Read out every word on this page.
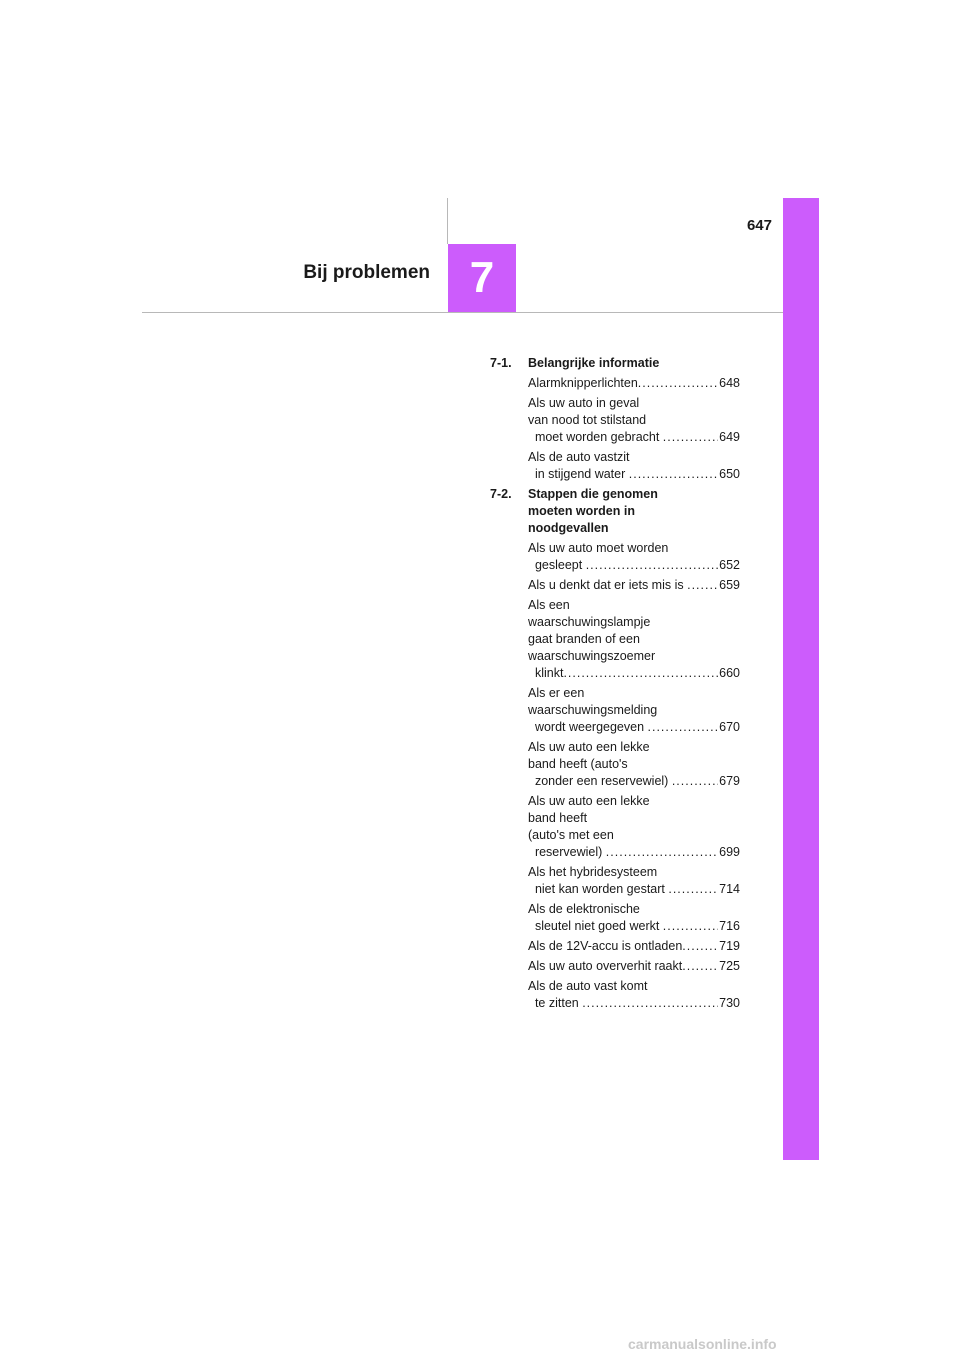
647
Bij problemen 7
7-1.	Belangrijke informatie
Alarmknipperlichten .....	648
Als uw auto in geval
van nood tot stilstand
moet worden gebracht .....	649
Als de auto vastzit
in stijgend water .....	650
7-2.	Stappen die genomen
moeten worden in
noodgevallen
Als uw auto moet worden
gesleept .....	652
Als u denkt dat er iets mis is .....	659
Als een
waarschuwingslampje
gaat branden of een
waarschuwingszoemer
klinkt .....	660
Als er een
waarschuwingsmelding
wordt weergegeven .....	670
Als uw auto een lekke
band heeft (auto's
zonder een reservewiel) .....	679
Als uw auto een lekke
band heeft
(auto's met een
reservewiel) .....	699
Als het hybridesysteem
niet kan worden gestart .....	714
Als de elektronische
sleutel niet goed werkt .....	716
Als de 12V-accu is ontladen .....	719
Als uw auto oververhit raakt .....	725
Als de auto vast komt
te zitten .....	730
carmanualsonline.info
